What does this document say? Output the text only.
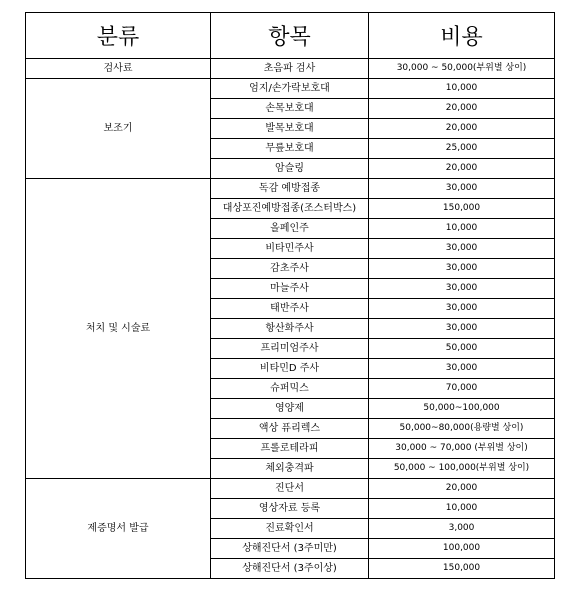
분류	항목	비용
검사료	초음파 검사	30,000 ~ 50,000(부위별 상이)
보조기	엄지/손가락보호대	10,000
	손목보호대	20,000
	발목보호대	20,000
	무릎보호대	25,000
	암슬링	20,000
처치 및 시술료	독감 예방접종	30,000
	대상포진예방접종(조스터박스)	150,000
	올페인주	10,000
	비타민주사	30,000
	감초주사	30,000
	마늘주사	30,000
	태반주사	30,000
	항산화주사	30,000
	프리미엄주사	50,000
	비타민D 주사	30,000
	슈퍼믹스	70,000
	영양제	50,000~100,000
	액상 퓨리렉스	50,000~80,000(용량별 상이)
	프롤로테라피	30,000 ~ 70,000 (부위별 상이)
	체외충격파	50,000 ~ 100,000(부위별 상이)
제증명서 발급	진단서	20,000
	영상자료 등록	10,000
	진료확인서	3,000
	상해진단서 (3주미만)	100,000
	상해진단서 (3주이상)	150,000
